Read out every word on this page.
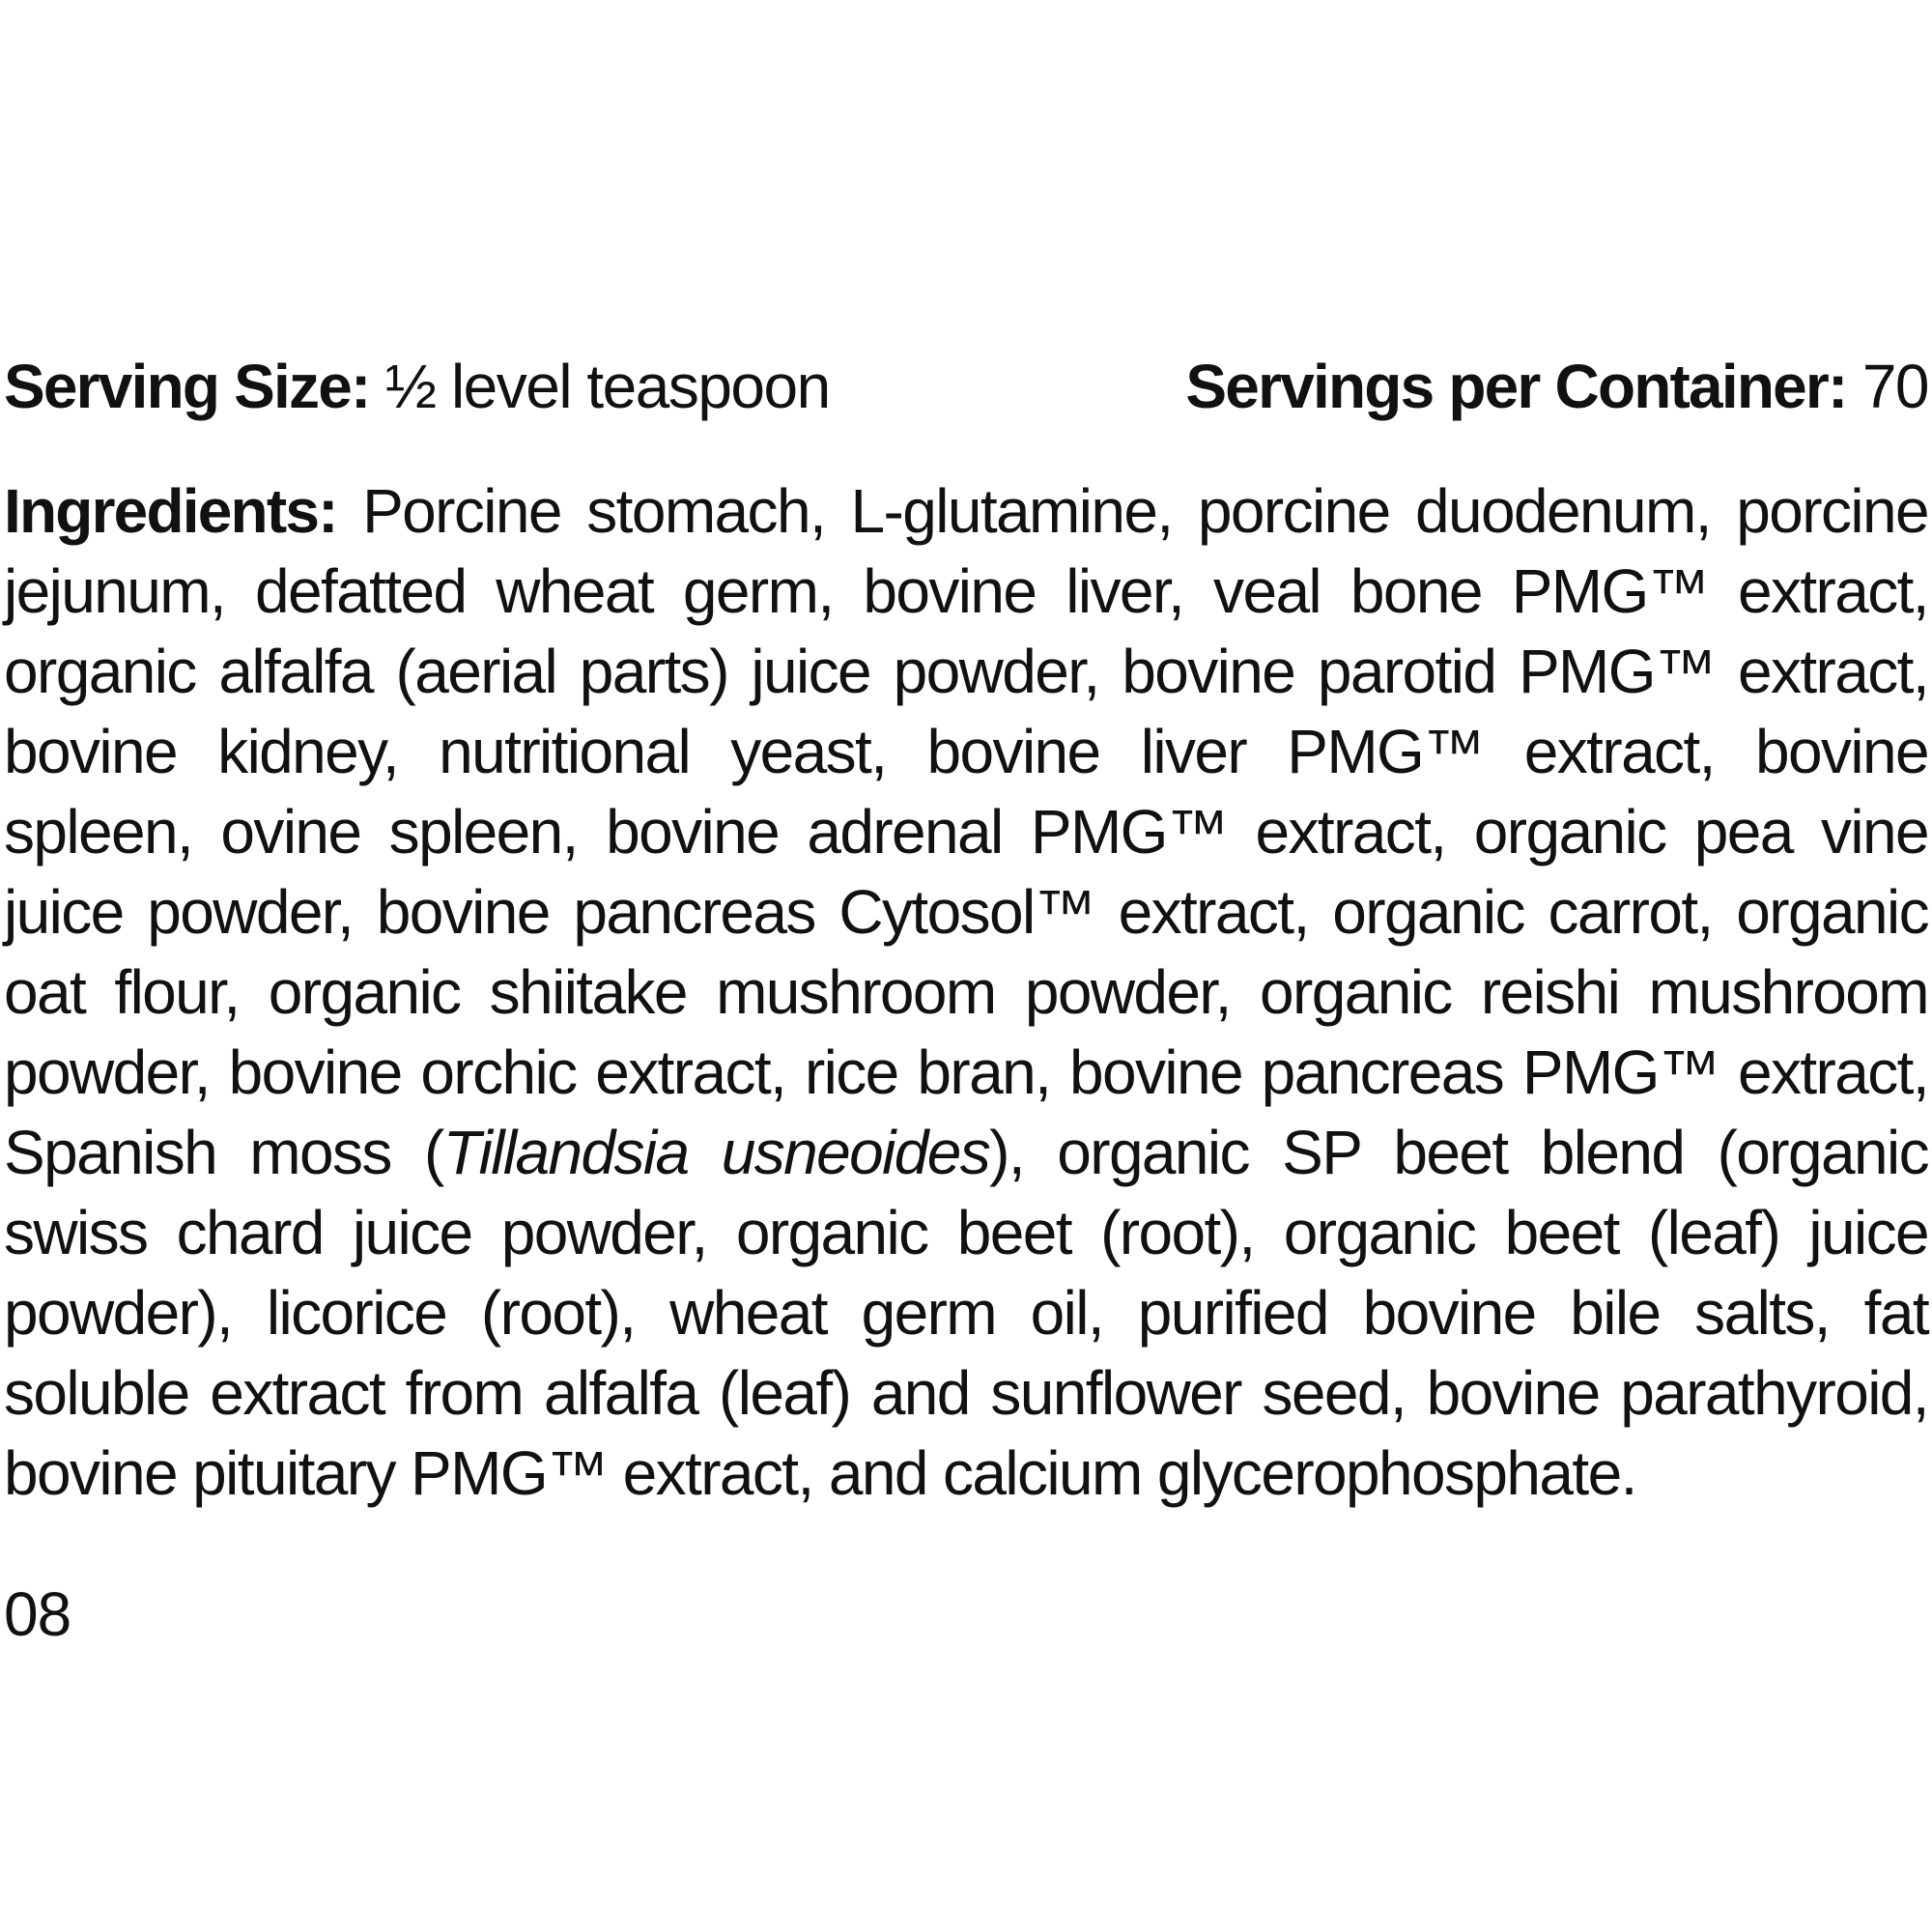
Serving Size: ½ level teaspoon	Servings per Container: 70

Ingredients: Porcine stomach, L-glutamine, porcine duodenum, porcine jejunum, defatted wheat germ, bovine liver, veal bone PMG™ extract, organic alfalfa (aerial parts) juice powder, bovine parotid PMG™ extract, bovine kidney, nutritional yeast, bovine liver PMG™ extract, bovine spleen, ovine spleen, bovine adrenal PMG™ extract, organic pea vine juice powder, bovine pancreas Cytosol™ extract, organic carrot, organic oat flour, organic shiitake mushroom powder, organic reishi mushroom powder, bovine orchic extract, rice bran, bovine pancreas PMG™ extract, Spanish moss (Tillandsia usneoides), organic SP beet blend (organic swiss chard juice powder, organic beet (root), organic beet (leaf) juice powder), licorice (root), wheat germ oil, purified bovine bile salts, fat soluble extract from alfalfa (leaf) and sunflower seed, bovine parathyroid, bovine pituitary PMG™ extract, and calcium glycerophosphate.

08
